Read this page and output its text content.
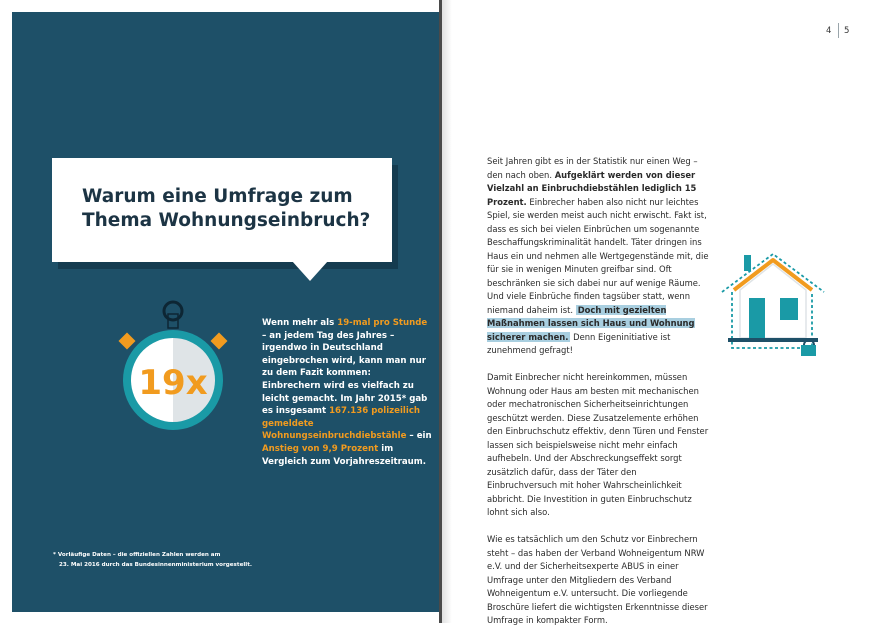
Warum eine Umfrage zum Thema Wohnungseinbruch?
19x

Wenn mehr als 19-mal pro Stunde – an jedem Tag des Jahres – irgendwo in Deutschland eingebrochen wird, kann man nur zu dem Fazit kommen: Einbrechern wird es vielfach zu leicht gemacht. Im Jahr 2015* gab es insgesamt 167.136 polizeilich gemeldete Wohnungseinbruchdiebstähle – ein Anstieg von 9,9 Prozent im Vergleich zum Vorjahreszeitraum.

* Vorläufige Daten – die offiziellen Zahlen werden am
23. Mai 2016 durch das Bundesinnenministerium vorgestellt.
4 5

Seit Jahren gibt es in der Statistik nur einen Weg – den nach oben. Aufgeklärt werden von dieser Vielzahl an Einbruchdiebstählen lediglich 15 Prozent. Einbrecher haben also nicht nur leichtes Spiel, sie werden meist auch nicht erwischt. Fakt ist, dass es sich bei vielen Einbrüchen um sogenannte Beschaffungskriminalität handelt. Täter dringen ins Haus ein und nehmen alle Wertgegenstände mit, die für sie in wenigen Minuten greifbar sind. Oft beschränken sie sich dabei nur auf wenige Räume. Und viele Einbrüche finden tagsüber statt, wenn niemand daheim ist. Doch mit gezielten Maßnahmen lassen sich Haus und Wohnung sicherer machen. Denn Eigeninitiative ist zunehmend gefragt!

Damit Einbrecher nicht hereinkommen, müssen Wohnung oder Haus am besten mit mechanischen oder mechatronischen Sicherheitseinrichtungen geschützt werden. Diese Zusatzelemente erhöhen den Einbruchschutz effektiv, denn Türen und Fenster lassen sich beispielsweise nicht mehr einfach aufhebeln. Und der Abschreckungseffekt sorgt zusätzlich dafür, dass der Täter den Einbruchversuch mit hoher Wahrscheinlichkeit abbricht. Die Investition in guten Einbruchschutz lohnt sich also.

Wie es tatsächlich um den Schutz vor Einbrechern steht – das haben der Verband Wohneigentum NRW e.V. und der Sicherheitsexperte ABUS in einer Umfrage unter den Mitgliedern des Verband Wohneigentum e.V. untersucht. Die vorliegende Broschüre liefert die wichtigsten Erkenntnisse dieser Umfrage in kompakter Form.
